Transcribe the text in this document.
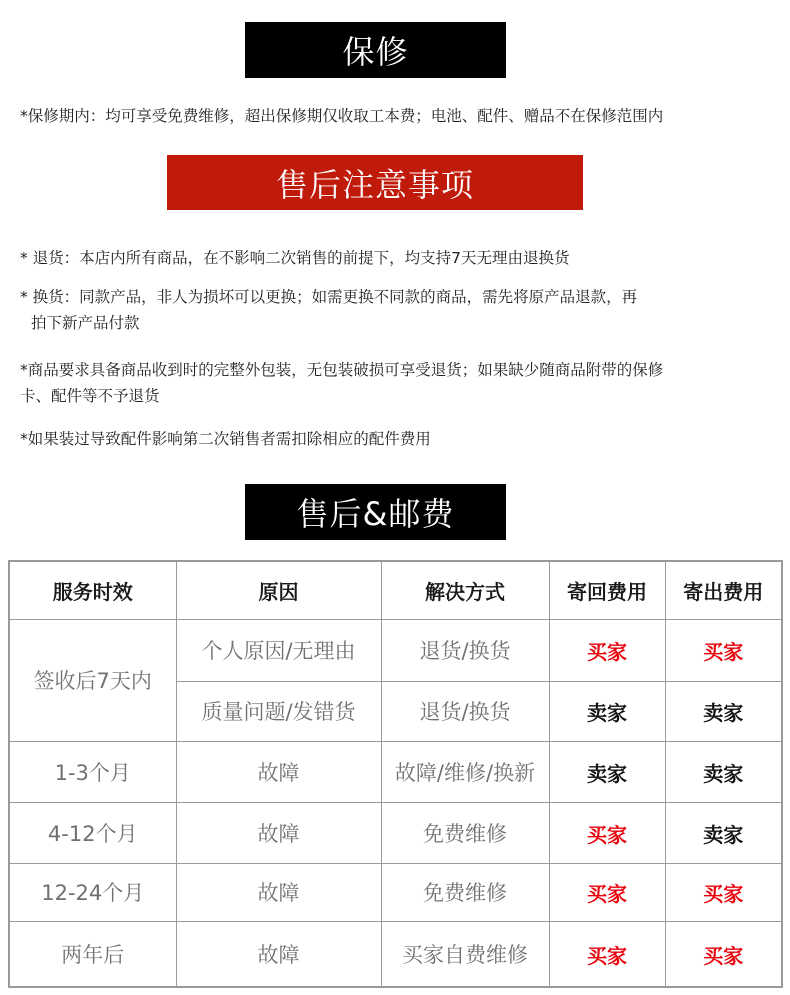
保修
*保修期内：均可享受免费维修，超出保修期仅收取工本费；电池、配件、赠品不在保修范围内
售后注意事项
* 退货：本店内所有商品，在不影响二次销售的前提下，均支持7天无理由退换货
* 换货：同款产品，非人为损坏可以更换；如需更换不同款的商品，需先将原产品退款，再
拍下新产品付款
*商品要求具备商品收到时的完整外包装，无包装破损可享受退货；如果缺少随商品附带的保修
卡、配件等不予退货
*如果装过导致配件影响第二次销售者需扣除相应的配件费用
售后&邮费
服务时效	原因	解决方式	寄回费用	寄出费用
签收后7天内	个人原因/无理由	退货/换货	买家	买家
	质量问题/发错货	退货/换货	卖家	卖家
1-3个月	故障	故障/维修/换新	卖家	卖家
4-12个月	故障	免费维修	买家	卖家
12-24个月	故障	免费维修	买家	买家
两年后	故障	买家自费维修	买家	买家
